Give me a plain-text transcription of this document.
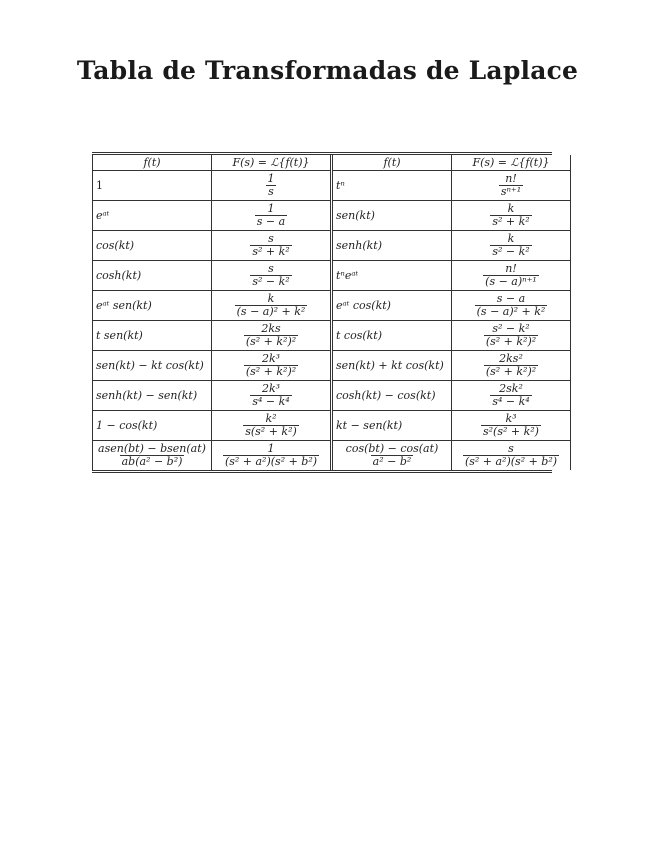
Tabla de Transformadas de Laplace
f(t)	F(s) = ℒ{f(t)}	f(t)	F(s) = ℒ{f(t)}
1	$\frac{1}{s}$	tⁿ	$\frac{n!}{\text{sⁿ⁺¹}}$

eᵃᵗ	$\frac{1}{s - a}$	sen(kt)	$\frac{k}{\text{s² + k²}}$

cos(kt)	$\frac{s}{\text{s² + k²}}$	senh(kt)	$\frac{k}{\text{s² − k²}}$

cosh(kt)	$\frac{s}{\text{s² − k²}}$	tⁿeᵃᵗ	$\frac{n!}{\text{(s − a)ⁿ⁺¹}}$

eᵃᵗ sen(kt)	$\frac{k}{\text{(s − a)² + k²}}$	eᵃᵗ cos(kt)	$\frac{s - a}{\text{(s − a)² + k²}}$

t sen(kt)	$\frac{2ks}{\text{(s² + k²)²}}$	t cos(kt)	$\frac{\text{s² − k²}}{\text{(s² + k²)²}}$

sen(kt) − kt cos(kt)	$\frac{\text{2k³}}{\text{(s² + k²)²}}$	sen(kt) + kt cos(kt)	$\frac{\text{2ks²}}{\text{(s² + k²)²}}$

senh(kt) − sen(kt)	$\frac{\text{2k³}}{\text{s⁴ − k⁴}}$	cosh(kt) − cos(kt)	$\frac{\text{2sk²}}{\text{s⁴ − k⁴}}$

1 − cos(kt)	$\frac{\text{k²}}{\text{s(s² + k²)}}$	kt − sen(kt)	$\frac{\text{k³}}{\text{s²(s² + k²)}}$

$\frac{\text{asen(bt) − bsen(at)}}{\text{ab(a² − b²)}}$	$\frac{1}{\text{(s² + a²)(s² + b²)}}$	$\frac{\cos(bt) - \cos(at)}{\text{a² − b²}}$	$\frac{s}{\text{(s² + a²)(s² + b²)}}$
